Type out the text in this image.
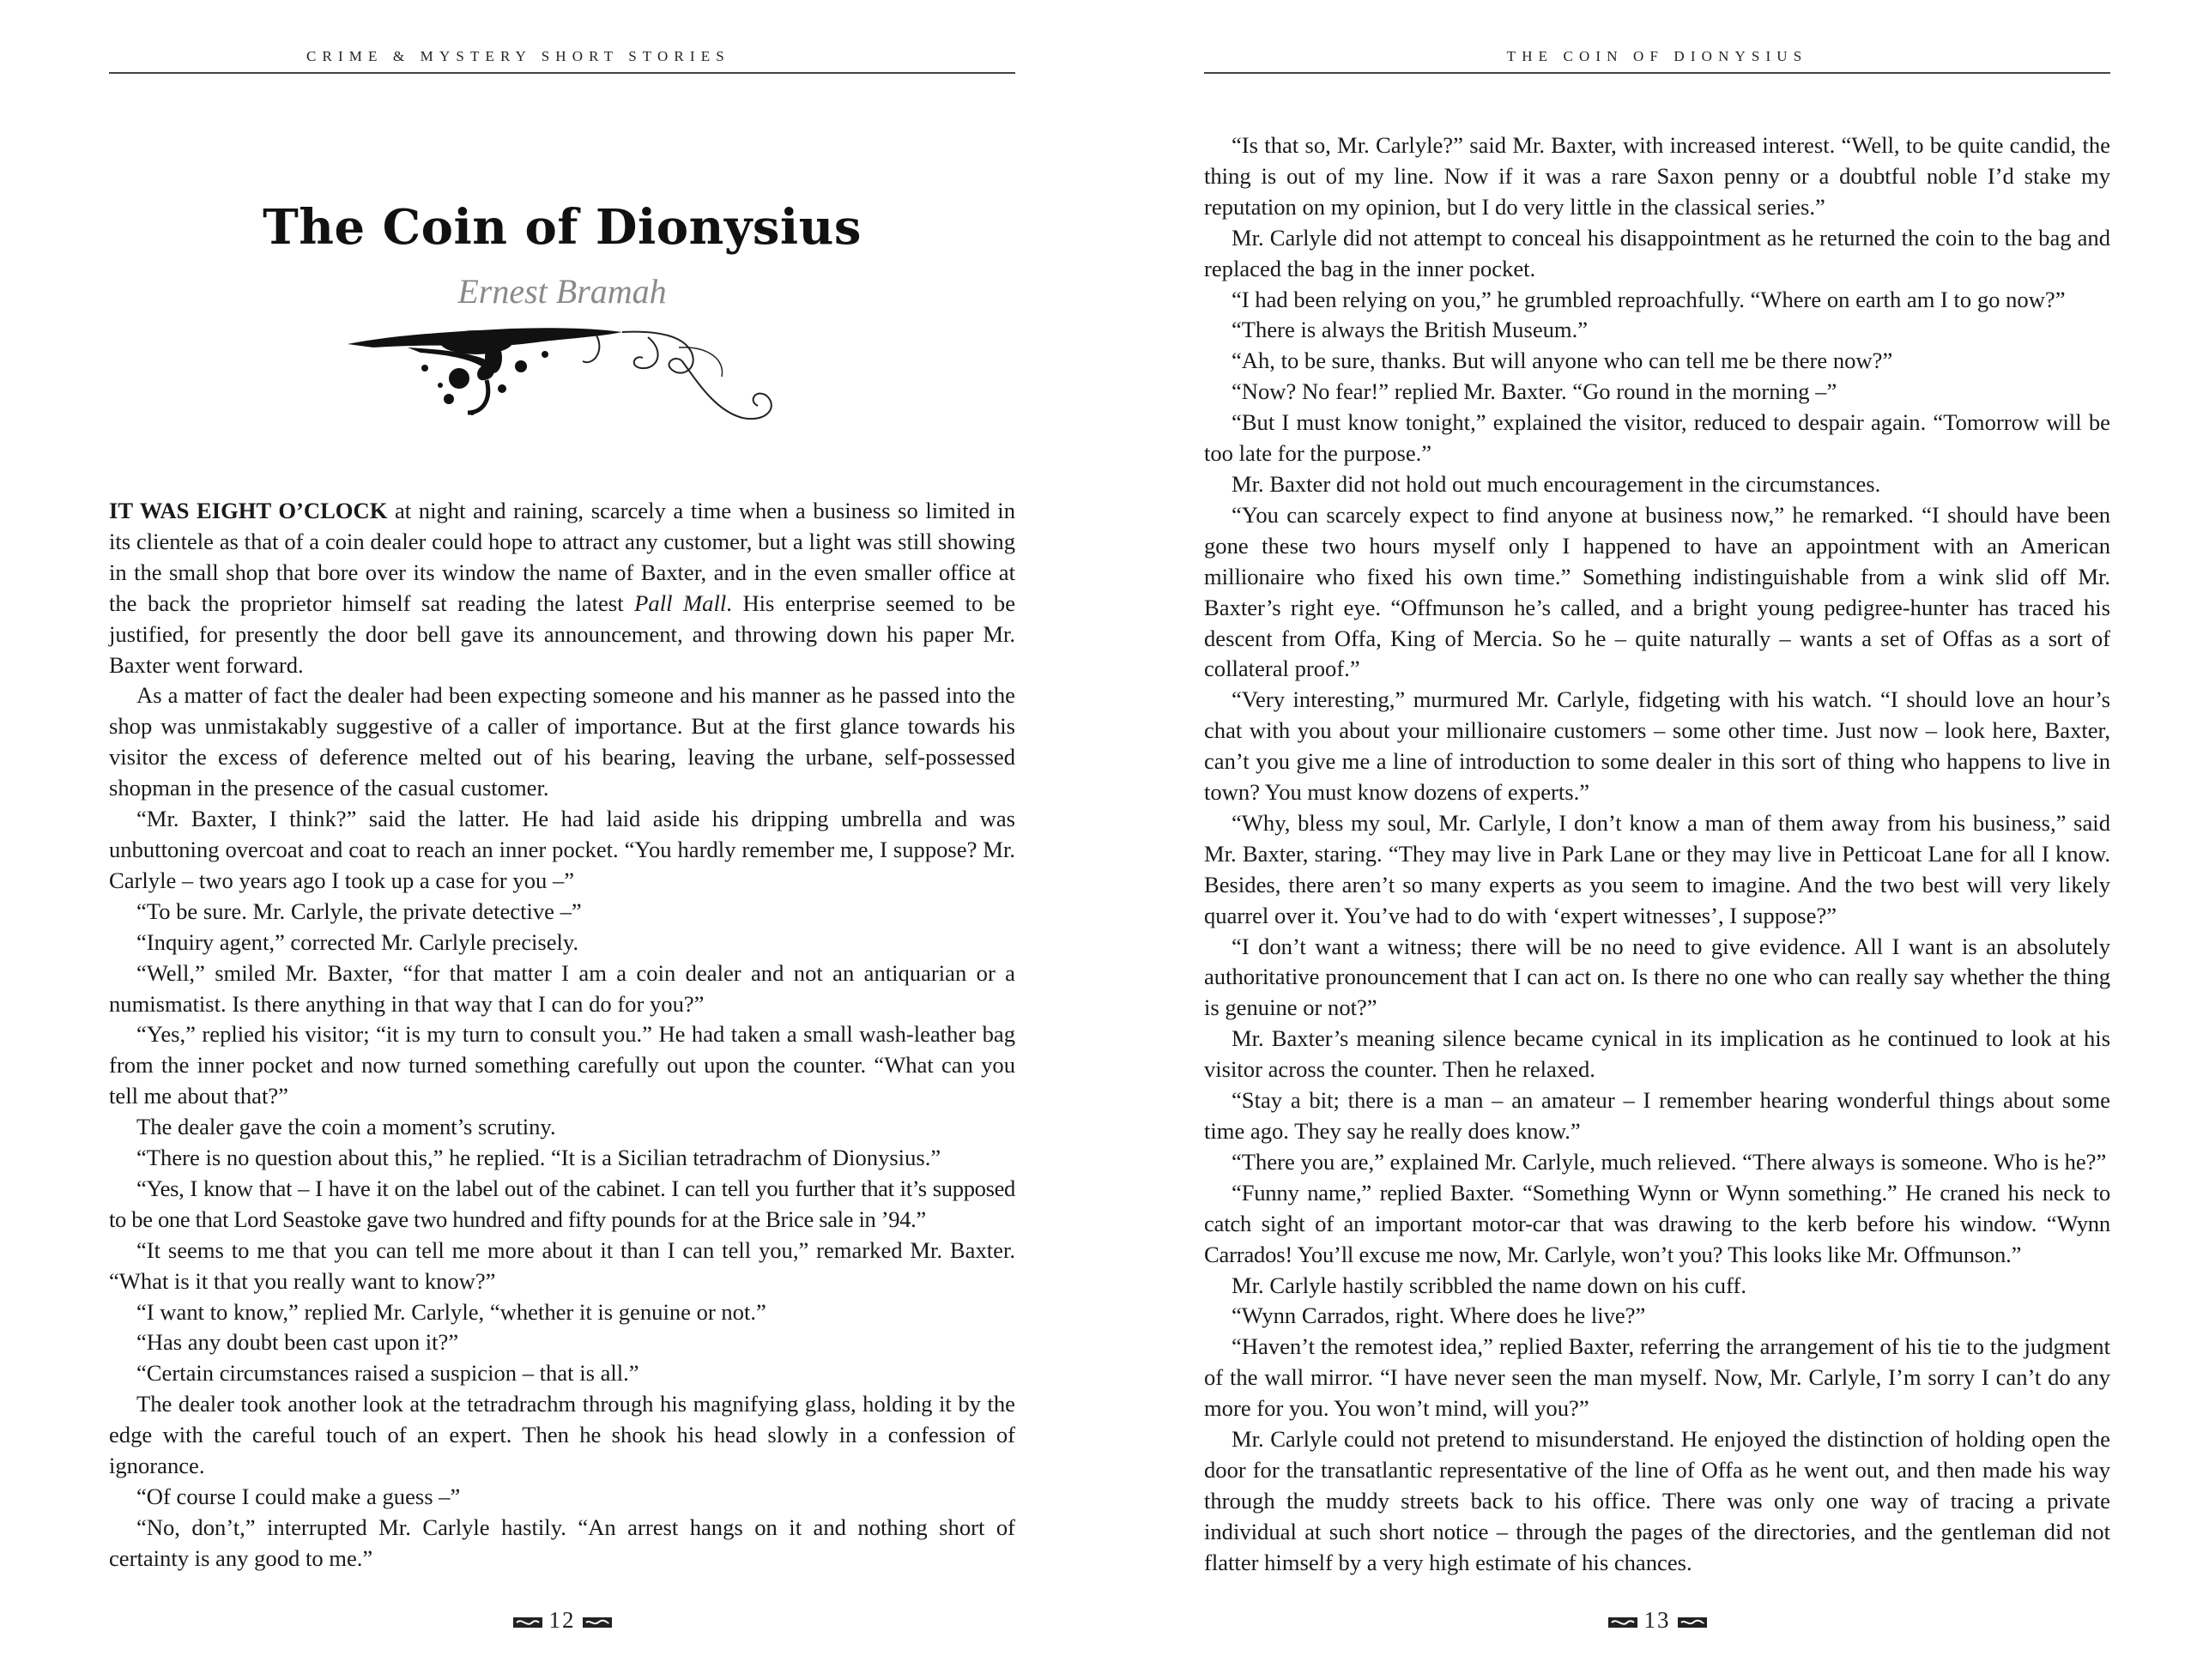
CRIME & MYSTERY SHORT STORIES
The Coin of Dionysius
Ernest Bramah

IT WAS EIGHT O’CLOCK at night and raining, scarcely a time when a business so limited in its clientele as that of a coin dealer could hope to attract any customer, but a light was still showing in the small shop that bore over its window the name of Baxter, and in the even smaller office at the back the proprietor himself sat reading the latest Pall Mall. His enterprise seemed to be justified, for presently the door bell gave its announcement, and throwing down his paper Mr. Baxter went forward.

As a matter of fact the dealer had been expecting someone and his manner as he passed into the shop was unmistakably suggestive of a caller of importance. But at the first glance towards his visitor the excess of deference melted out of his bearing, leaving the urbane, self-possessed shopman in the presence of the casual customer.

“Mr. Baxter, I think?” said the latter. He had laid aside his dripping umbrella and was unbuttoning overcoat and coat to reach an inner pocket. “You hardly remember me, I suppose? Mr. Carlyle – two years ago I took up a case for you –”

“To be sure. Mr. Carlyle, the private detective –”

“Inquiry agent,” corrected Mr. Carlyle precisely.

“Well,” smiled Mr. Baxter, “for that matter I am a coin dealer and not an antiquarian or a numismatist. Is there anything in that way that I can do for you?”

“Yes,” replied his visitor; “it is my turn to consult you.” He had taken a small wash-leather bag from the inner pocket and now turned something carefully out upon the counter. “What can you tell me about that?”

The dealer gave the coin a moment’s scrutiny.

“There is no question about this,” he replied. “It is a Sicilian tetradrachm of Dionysius.”

“Yes, I know that – I have it on the label out of the cabinet. I can tell you further that it’s supposed to be one that Lord Seastoke gave two hundred and fifty pounds for at the Brice sale in ’94.”

“It seems to me that you can tell me more about it than I can tell you,” remarked Mr. Baxter. “What is it that you really want to know?”

“I want to know,” replied Mr. Carlyle, “whether it is genuine or not.”

“Has any doubt been cast upon it?”

“Certain circumstances raised a suspicion – that is all.”

The dealer took another look at the tetradrachm through his magnifying glass, holding it by the edge with the careful touch of an expert. Then he shook his head slowly in a confession of ignorance.

“Of course I could make a guess –”

“No, don’t,” interrupted Mr. Carlyle hastily. “An arrest hangs on it and nothing short of certainty is any good to me.”

12
THE COIN OF DIONYSIUS

“Is that so, Mr. Carlyle?” said Mr. Baxter, with increased interest. “Well, to be quite candid, the thing is out of my line. Now if it was a rare Saxon penny or a doubtful noble I’d stake my reputation on my opinion, but I do very little in the classical series.”

Mr. Carlyle did not attempt to conceal his disappointment as he returned the coin to the bag and replaced the bag in the inner pocket.

“I had been relying on you,” he grumbled reproachfully. “Where on earth am I to go now?”

“There is always the British Museum.”

“Ah, to be sure, thanks. But will anyone who can tell me be there now?”

“Now? No fear!” replied Mr. Baxter. “Go round in the morning –”

“But I must know tonight,” explained the visitor, reduced to despair again. “Tomorrow will be too late for the purpose.”

Mr. Baxter did not hold out much encouragement in the circumstances.

“You can scarcely expect to find anyone at business now,” he remarked. “I should have been gone these two hours myself only I happened to have an appointment with an American millionaire who fixed his own time.” Something indistinguishable from a wink slid off Mr. Baxter’s right eye. “Offmunson he’s called, and a bright young pedigree-hunter has traced his descent from Offa, King of Mercia. So he – quite naturally – wants a set of Offas as a sort of collateral proof.”

“Very interesting,” murmured Mr. Carlyle, fidgeting with his watch. “I should love an hour’s chat with you about your millionaire customers – some other time. Just now – look here, Baxter, can’t you give me a line of introduction to some dealer in this sort of thing who happens to live in town? You must know dozens of experts.”

“Why, bless my soul, Mr. Carlyle, I don’t know a man of them away from his business,” said Mr. Baxter, staring. “They may live in Park Lane or they may live in Petticoat Lane for all I know. Besides, there aren’t so many experts as you seem to imagine. And the two best will very likely quarrel over it. You’ve had to do with ‘expert witnesses’, I suppose?”

“I don’t want a witness; there will be no need to give evidence. All I want is an absolutely authoritative pronouncement that I can act on. Is there no one who can really say whether the thing is genuine or not?”

Mr. Baxter’s meaning silence became cynical in its implication as he continued to look at his visitor across the counter. Then he relaxed.

“Stay a bit; there is a man – an amateur – I remember hearing wonderful things about some time ago. They say he really does know.”

“There you are,” explained Mr. Carlyle, much relieved. “There always is someone. Who is he?”

“Funny name,” replied Baxter. “Something Wynn or Wynn something.” He craned his neck to catch sight of an important motor-car that was drawing to the kerb before his window. “Wynn Carrados! You’ll excuse me now, Mr. Carlyle, won’t you? This looks like Mr. Offmunson.”

Mr. Carlyle hastily scribbled the name down on his cuff.

“Wynn Carrados, right. Where does he live?”

“Haven’t the remotest idea,” replied Baxter, referring the arrangement of his tie to the judgment of the wall mirror. “I have never seen the man myself. Now, Mr. Carlyle, I’m sorry I can’t do any more for you. You won’t mind, will you?”

Mr. Carlyle could not pretend to misunderstand. He enjoyed the distinction of holding open the door for the transatlantic representative of the line of Offa as he went out, and then made his way through the muddy streets back to his office. There was only one way of tracing a private individual at such short notice – through the pages of the directories, and the gentleman did not flatter himself by a very high estimate of his chances.

13
